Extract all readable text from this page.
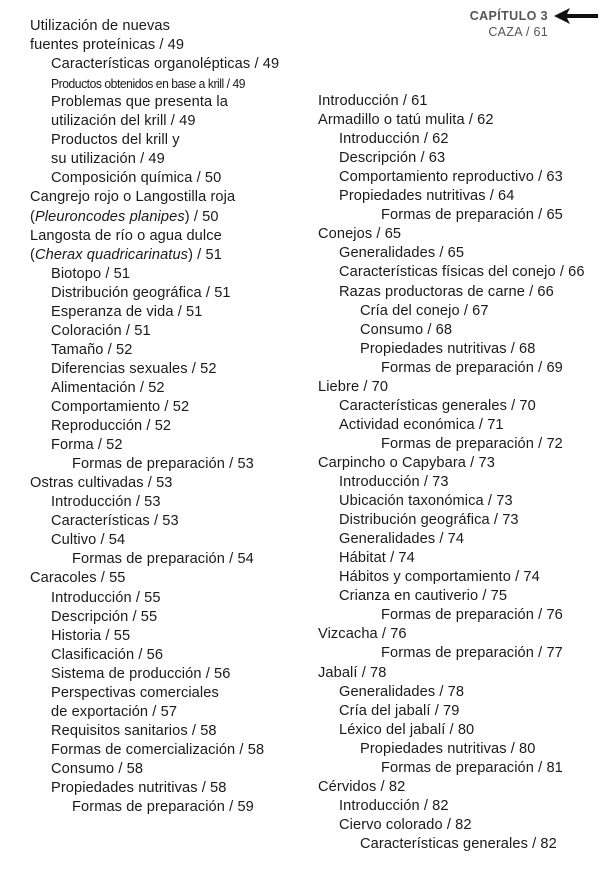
CAPÍTULO 3
CAZA / 61
Utilización de nuevas
fuentes proteínicas / 49
Características organolépticas / 49
Productos obtenidos en base a krill / 49
Problemas que presenta la
utilización del krill / 49
Productos del krill y
su utilización / 49
Composición química / 50
Cangrejo rojo o Langostilla roja
(Pleuroncodes planipes) / 50
Langosta de río o agua dulce
(Cherax quadricarinatus) / 51
Biotopo / 51
Distribución geográfica / 51
Esperanza de vida / 51
Coloración / 51
Tamaño / 52
Diferencias sexuales / 52
Alimentación / 52
Comportamiento / 52
Reproducción / 52
Forma / 52
Formas de preparación / 53
Ostras cultivadas / 53
Introducción / 53
Características / 53
Cultivo / 54
Formas de preparación / 54
Caracoles / 55
Introducción / 55
Descripción / 55
Historia / 55
Clasificación / 56
Sistema de producción / 56
Perspectivas comerciales
de exportación / 57
Requisitos sanitarios / 58
Formas de comercialización / 58
Consumo / 58
Propiedades nutritivas / 58
Formas de preparación / 59
Introducción / 61
Armadillo o tatú mulita / 62
Introducción / 62
Descripción / 63
Comportamiento reproductivo / 63
Propiedades nutritivas / 64
Formas de preparación / 65
Conejos / 65
Generalidades / 65
Características físicas del conejo / 66
Razas productoras de carne / 66
Cría del conejo / 67
Consumo / 68
Propiedades nutritivas / 68
Formas de preparación / 69
Liebre / 70
Características generales / 70
Actividad económica / 71
Formas de preparación / 72
Carpincho o Capybara / 73
Introducción / 73
Ubicación taxonómica / 73
Distribución geográfica / 73
Generalidades / 74
Hábitat / 74
Hábitos y comportamiento / 74
Crianza en cautiverio / 75
Formas de preparación / 76
Vizcacha / 76
Formas de preparación / 77
Jabalí / 78
Generalidades / 78
Cría del jabalí / 79
Léxico del jabalí / 80
Propiedades nutritivas / 80
Formas de preparación / 81
Cérvidos / 82
Introducción / 82
Ciervo colorado / 82
Características generales / 82
